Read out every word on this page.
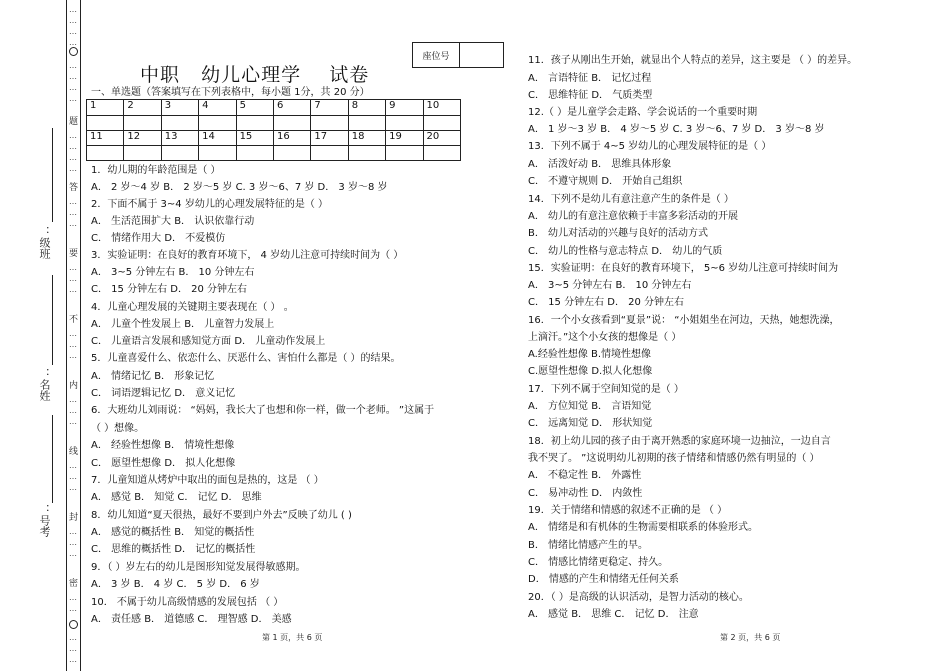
…
…
…
…
…
…
…
…
题
…
…
…
…
答
…
…
…
要
…
…
…
不
…
…
…
内
…
…
…
线
…
…
…
封
…
…
…
密
…
…
…
…
…
：级班
：名姓
：号考
中职   幼儿心理学    试卷
座位号
一、单选题（答案填写在下列表格中，每小题 1分，共 20 分）
1	2	3	4	5	6	7	8	9	10

11	12	13	14	15	16	17	18	19	20

1．幼儿期的年龄范围是（ ）
A． 2 岁～4 岁 B． 2 岁～5 岁 C. 3 岁～6、7 岁 D． 3 岁～8 岁
2．下面不属于 3~4 岁幼儿的心理发展特征的是（ ）
A． 生活范围扩大 B． 认识依靠行动
C． 情绪作用大 D． 不爱模仿
3．实验证明：在良好的教育环境下， 4 岁幼儿注意可持续时间为（ ）
A． 3~5 分钟左右 B． 10 分钟左右
C． 15 分钟左右 D． 20 分钟左右
4．儿童心理发展的关键期主要表现在（ ） 。
A． 儿童个性发展上 B． 儿童智力发展上
C． 儿童语言发展和感知觉方面 D． 儿童动作发展上
5．儿童喜爱什么、依恋什么、厌恶什么、害怕什么都是（ ）的结果。
A． 情绪记忆 B． 形象记忆
C． 词语逻辑记忆 D． 意义记忆
6．大班幼儿刘雨说： “妈妈，我长大了也想和你一样，做一个老师。 ”这属于
（ ）想像。
A． 经验性想像 B． 情境性想像
C． 愿望性想像 D． 拟人化想像
7．儿童知道从烤炉中取出的面包是热的，这是 （ ）
A． 感觉 B． 知觉 C． 记忆 D． 思维
8．幼儿知道“夏天很热，最好不要到户外去”反映了幼儿 ( )
A． 感觉的概括性 B． 知觉的概括性
C． 思维的概括性 D． 记忆的概括性
9．（ ）岁左右的幼儿是图形知觉发展得敏感期。
A． 3 岁 B． 4 岁 C． 5 岁 D． 6 岁
10． 不属于幼儿高级情感的发展包括 （ ）
A． 责任感 B． 道德感 C． 理智感 D． 美感
11．孩子从刚出生开始，就显出个人特点的差异，这主要是 （ ）的差异。
A． 言语特征 B． 记忆过程
C． 思维特征 D． 气质类型
12.（ ）是儿童学会走路、学会说话的一个重要时期
A． 1 岁～3 岁 B． 4 岁～5 岁 C. 3 岁～6、7 岁 D． 3 岁～8 岁
13．下列不属于 4~5 岁幼儿的心理发展特征的是（ ）
A． 活泼好动 B． 思维具体形象
C． 不遵守规则 D． 开始自己组织
14．下列不是幼儿有意注意产生的条件是（ ）
A． 幼儿的有意注意依赖于丰富多彩活动的开展
B． 幼儿对活动的兴趣与良好的活动方式
C． 幼儿的性格与意志特点 D． 幼儿的气质
15．实验证明：在良好的教育环境下， 5~6 岁幼儿注意可持续时间为
A． 3~5 分钟左右 B． 10 分钟左右
C． 15 分钟左右 D． 20 分钟左右
16．一个小女孩看到“夏景”说： “小姐姐坐在河边，天热，她想洗澡，
上滴汗。”这个小女孩的想像是（ ）
A.经验性想像 B.情境性想像
C.愿望性想像 D.拟人化想像
17．下列不属于空间知觉的是（ ）
A． 方位知觉 B． 言语知觉
C． 远离知觉 D． 形状知觉
18．初上幼儿园的孩子由于离开熟悉的家庭环境一边抽泣，一边自言
我不哭了。 ”这说明幼儿初期的孩子情绪和情感仍然有明显的（ ）
A． 不稳定性 B． 外露性
C． 易冲动性 D． 内敛性
19．关于情绪和情感的叙述不正确的是 （ ）
A． 情绪是和有机体的生物需要相联系的体验形式。
B． 情绪比情感产生的早。
C． 情感比情绪更稳定、持久。
D． 情感的产生和情绪无任何关系
20．（ ）是高级的认识活动，是智力活动的核心。
A． 感觉 B． 思维 C． 记忆 D． 注意
第 1 页，共 6 页	第 2 页，共 6 页
